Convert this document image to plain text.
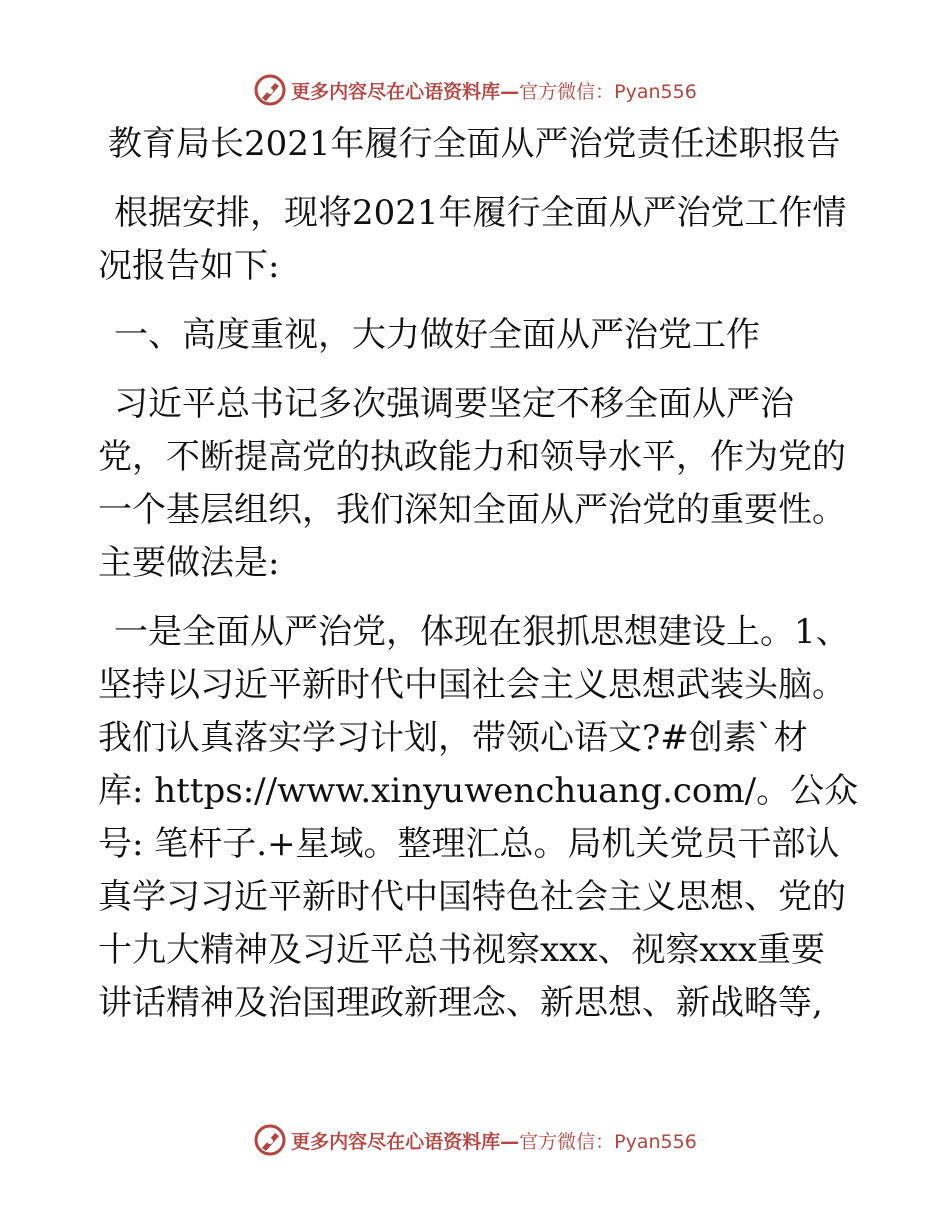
更多内容尽在心语资料库— 官方微信：Pyan556
教育局长2021年履行全面从严治党责任述职报告
根据安排，现将2021年履行全面从严治党工作情
况报告如下:
一、高度重视，大力做好全面从严治党工作
习近平总书记多次强调要坚定不移全面从严治
党，不断提高党的执政能力和领导水平，作为党的
一个基层组织，我们深知全面从严治党的重要性。
主要做法是:
一是全面从严治党，体现在狠抓思想建设上。1、
坚持以习近平新时代中国社会主义思想武装头脑。
我们认真落实学习计划，带领心语文?#创素`材
库: https://www.xinyuwenchuang.com/。公众
号: 笔杆子.+星域。整理汇总。局机关党员干部认
真学习习近平新时代中国特色社会主义思想、党的
十九大精神及习近平总书视察xxx、视察xxx重要
讲话精神及治国理政新理念、新思想、新战略等,
更多内容尽在心语资料库— 官方微信：Pyan556
